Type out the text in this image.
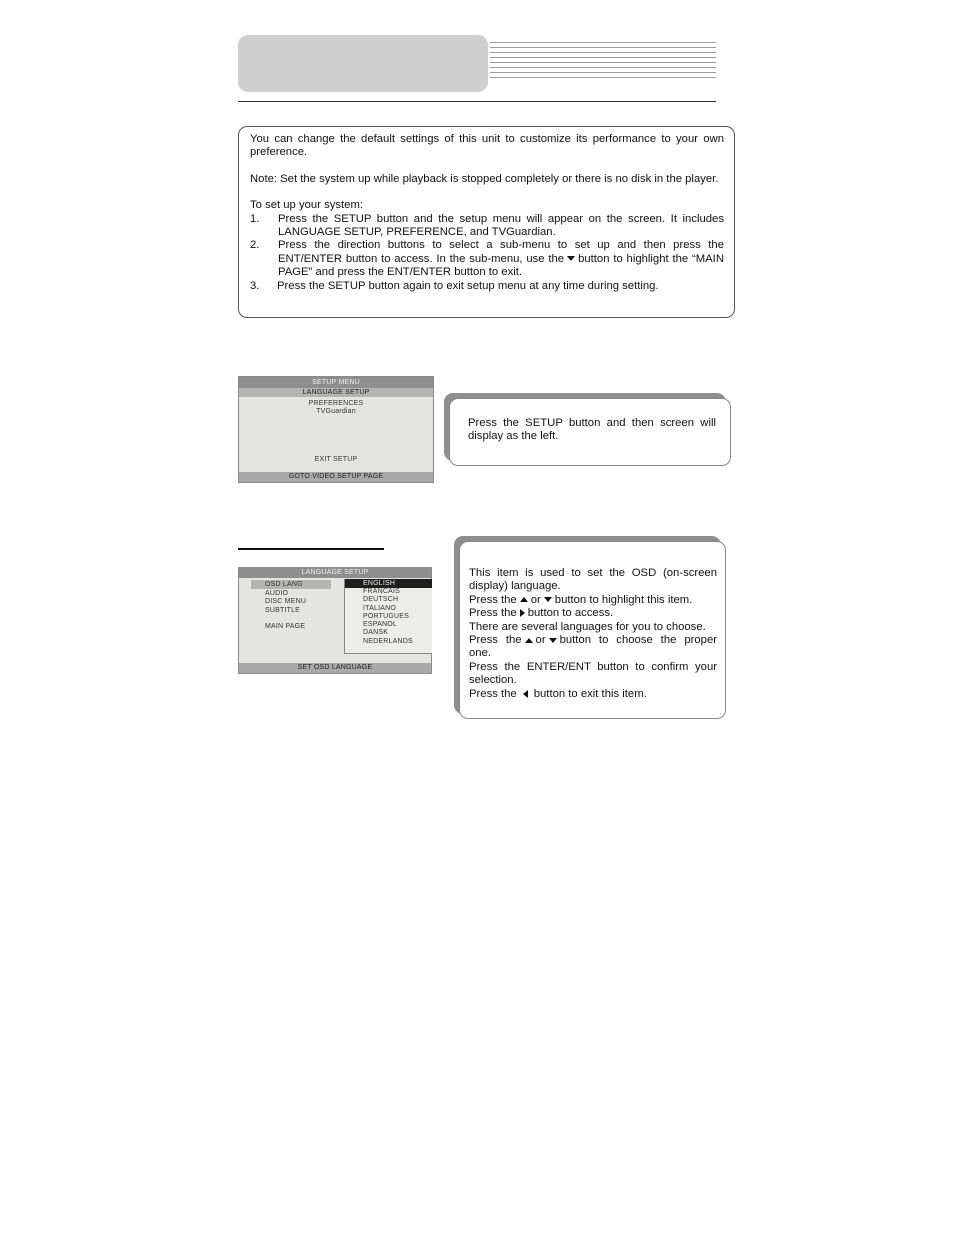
You can change the default settings of this unit to customize its performance to your own preference.

Note: Set the system up while playback is stopped completely or there is no disk in the player.

To set up your system:

1.	Press the SETUP button and the setup menu will appear on the screen. It includes LANGUAGE SETUP, PREFERENCE, and TVGuardian.
2.	Press the direction buttons to select a sub-menu to set up and then press the ENT/ENTER button to access. In the sub-menu, use the button to highlight the “MAIN PAGE” and press the ENT/ENTER button to exit.
3.	Press the SETUP button again to exit setup menu at any time during setting.
SETUP MENU
LANGUAGE SETUP
PREFERENCES
TVGuardian
EXIT SETUP
GOTO VIDEO SETUP PAGE

Press the SETUP button and then screen will display as the left.

LANGUAGE SETUP
OSD LANG
AUDIO
DISC MENU
SUBTITLE
MAIN PAGE
ENGLISH
FRANCAIS
DEUTSCH
ITALIANO
PORTUGUES
ESPANOL
DANSK
NEDERLANDS
SET OSD LANGUAGE

This item is used to set the OSD (on-screen display) language.

Press the or button to highlight this item.

Press the button to access.

There are several languages for you to choose.

Press the or button to choose the proper one.

Press the ENTER/ENT button to confirm your selection.

Press the button to exit this item.
